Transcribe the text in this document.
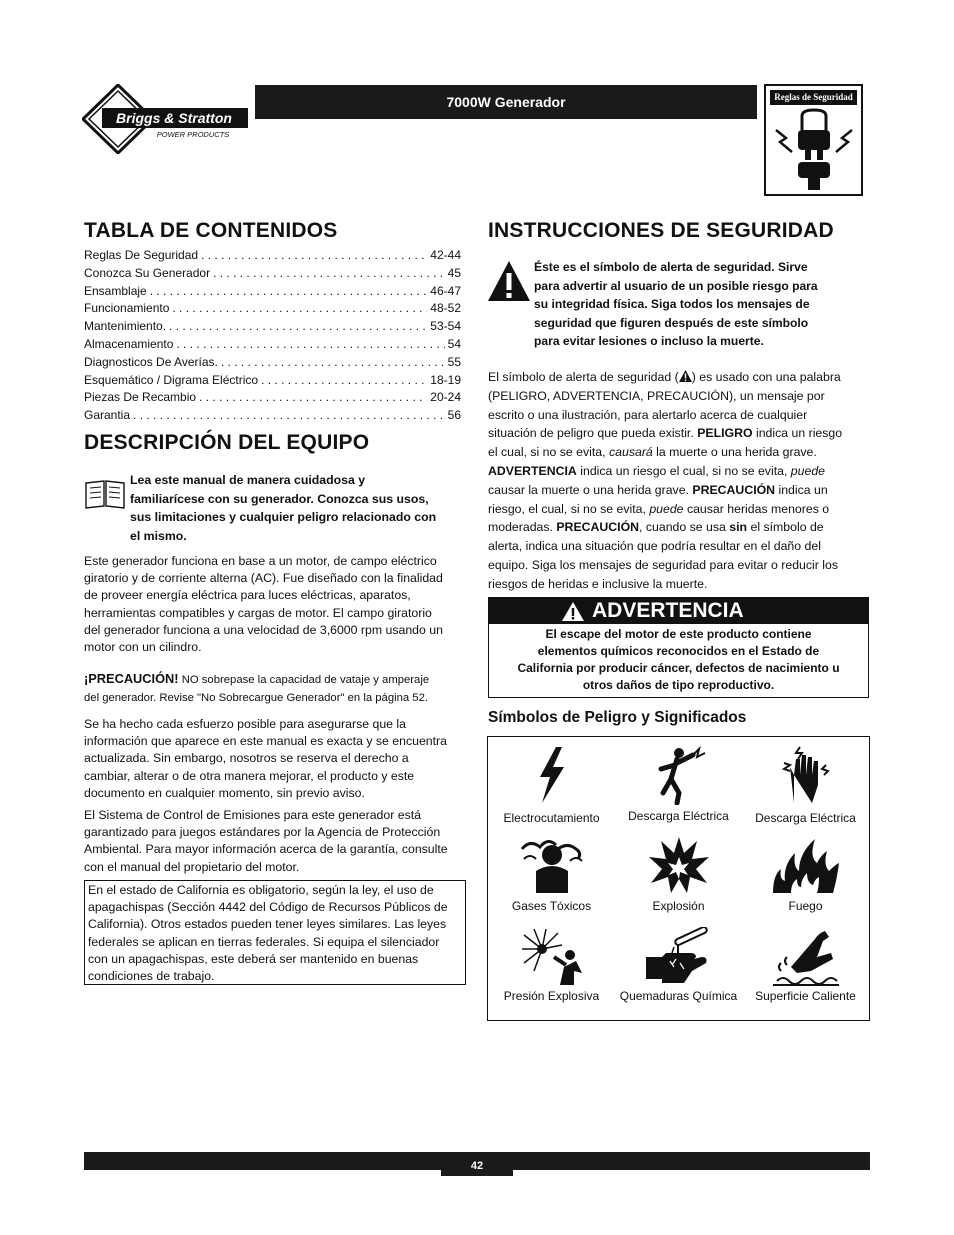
Briggs & Stratton
POWER PRODUCTS
7000W Generador	Reglas de Seguridad
TABLA DE CONTENIDOS
Reglas De Seguridad . . .	42-44
Conozca Su Generador . . .	45
Ensamblaje . . .	46-47
Funcionamiento . . .	48-52
Mantenimiento. . . .	53-54
Almacenamiento . . .	54
Diagnosticos De Averías. . . .	55
Esquemático / Digrama Eléctrico . . .	18-19
Piezas De Recambio . . .	20-24
Garantia . . .	56
DESCRIPCIÓN DEL EQUIPO
Lea este manual de manera cuidadosa y
familiarícese con su generador. Conozca sus usos,
sus limitaciones y cualquier peligro relacionado con
el mismo.
Este generador funciona en base a un motor, de campo eléctrico
giratorio y de corriente alterna (AC). Fue diseñado con la finalidad
de proveer energía eléctrica para luces eléctricas, aparatos,
herramientas compatibles y cargas de motor. El campo giratorio
del generador funciona a una velocidad de 3,6000 rpm usando un
motor con un cilindro.
¡PRECAUCIÓN! NO sobrepase la capacidad de vataje y amperaje
del generador. Revise "No Sobrecargue Generador" en la página 52.
Se ha hecho cada esfuerzo posible para asegurarse que la
información que aparece en este manual es exacta y se encuentra
actualizada. Sin embargo, nosotros se reserva el derecho a
cambiar, alterar o de otra manera mejorar, el producto y este
documento en cualquier momento, sin previo aviso.
El Sistema de Control de Emisiones para este generador está
garantizado para juegos estándares por la Agencia de Protección
Ambiental. Para mayor información acerca de la garantía, consulte
con el manual del propietario del motor.
En el estado de California es obligatorio, según la ley, el uso de
apagachispas (Sección 4442 del Código de Recursos Públicos de
California). Otros estados pueden tener leyes similares. Las leyes
federales se aplican en tierras federales. Si equipa el silenciador
con un apagachispas, este deberá ser mantenido en buenas
condiciones de trabajo.
INSTRUCCIONES DE SEGURIDAD
Éste es el símbolo de alerta de seguridad. Sirve
para advertir al usuario de un posible riesgo para
su integridad física. Siga todos los mensajes de
seguridad que figuren después de este símbolo
para evitar lesiones o incluso la muerte.
El símbolo de alerta de seguridad ( ) es usado con una palabra
(PELIGRO, ADVERTENCIA, PRECAUCIÓN), un mensaje por
escrito o una ilustración, para alertarlo acerca de cualquier
situación de peligro que pueda existir. PELIGRO indica un riesgo
el cual, si no se evita, causará la muerte o una herida grave.
ADVERTENCIA indica un riesgo el cual, si no se evita, puede
causar la muerte o una herida grave. PRECAUCIÓN indica un
riesgo, el cual, si no se evita, puede causar heridas menores o
moderadas. PRECAUCIÓN, cuando se usa sin el símbolo de
alerta, indica una situación que podría resultar en el daño del
equipo. Siga los mensajes de seguridad para evitar o reducir los
riesgos de heridas e inclusive la muerte.
ADVERTENCIA
El escape del motor de este producto contiene
elementos químicos reconocidos en el Estado de
California por producir cáncer, defectos de nacimiento u
otros daños de tipo reproductivo.
Símbolos de Peligro y Significados
Electrocutamiento	Descarga Eléctrica	Descarga Eléctrica
Gases Tóxicos	Explosión	Fuego
Presión Explosiva	Quemaduras Química	Superficie Caliente
42
